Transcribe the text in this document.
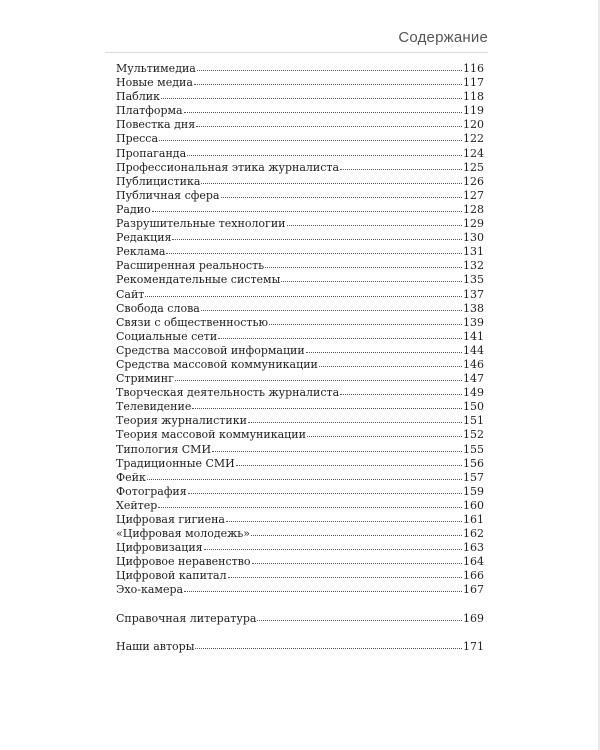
Содержание
Мультимедиа	116
Новые медиа	117
Паблик	118
Платформа	119
Повестка дня	120
Пресса	122
Пропаганда	124
Профессиональная этика журналиста	125
Публицистика	126
Публичная сфера	127
Радио	128
Разрушительные технологии	129
Редакция	130
Реклама	131
Расширенная реальность	132
Рекомендательные системы	135
Сайт	137
Свобода слова	138
Связи с общественностью	139
Социальные сети	141
Средства массовой информации	144
Средства массовой коммуникации	146
Стриминг	147
Творческая деятельность журналиста	149
Телевидение	150
Теория журналистики	151
Теория массовой коммуникации	152
Типология СМИ	155
Традиционные СМИ	156
Фейк	157
Фотография	159
Хейтер	160
Цифровая гигиена	161
«Цифровая молодежь»	162
Цифровизация	163
Цифровое неравенство	164
Цифровой капитал	166
Эхо-камера	167
Справочная литература	169
Наши авторы	171
